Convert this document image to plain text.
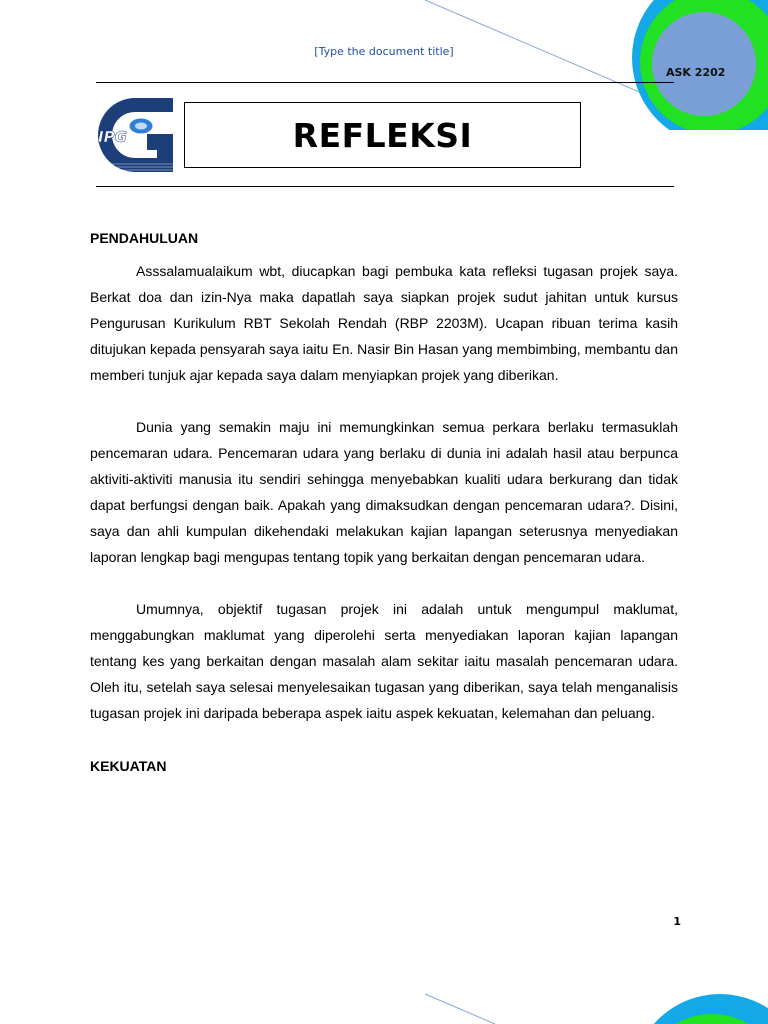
[Type the document title]
ASK 2202
IPG	REFLEKSI

PENDAHULUAN

Asssalamualaikum wbt, diucapkan bagi pembuka kata refleksi tugasan projek saya. Berkat doa dan izin-Nya maka dapatlah saya siapkan projek sudut jahitan untuk kursus Pengurusan Kurikulum RBT Sekolah Rendah (RBP 2203M). Ucapan ribuan terima kasih ditujukan kepada pensyarah saya iaitu En. Nasir Bin Hasan yang membimbing, membantu dan memberi tunjuk ajar kepada saya dalam menyiapkan projek yang diberikan.

Dunia yang semakin maju ini memungkinkan semua perkara berlaku termasuklah pencemaran udara. Pencemaran udara yang berlaku di dunia ini adalah hasil atau berpunca aktiviti-aktiviti manusia itu sendiri sehingga menyebabkan kualiti udara berkurang dan tidak dapat berfungsi dengan baik. Apakah yang dimaksudkan dengan pencemaran udara?. Disini, saya dan ahli kumpulan dikehendaki melakukan kajian lapangan seterusnya menyediakan laporan lengkap bagi mengupas tentang topik yang berkaitan dengan pencemaran udara.

Umumnya, objektif tugasan projek ini adalah untuk mengumpul maklumat, menggabungkan maklumat yang diperolehi serta menyediakan laporan kajian lapangan tentang kes yang berkaitan dengan masalah alam sekitar iaitu masalah pencemaran udara. Oleh itu, setelah saya selesai menyelesaikan tugasan yang diberikan, saya telah menganalisis tugasan projek ini daripada beberapa aspek iaitu aspek kekuatan, kelemahan dan peluang.

KEKUATAN

1
